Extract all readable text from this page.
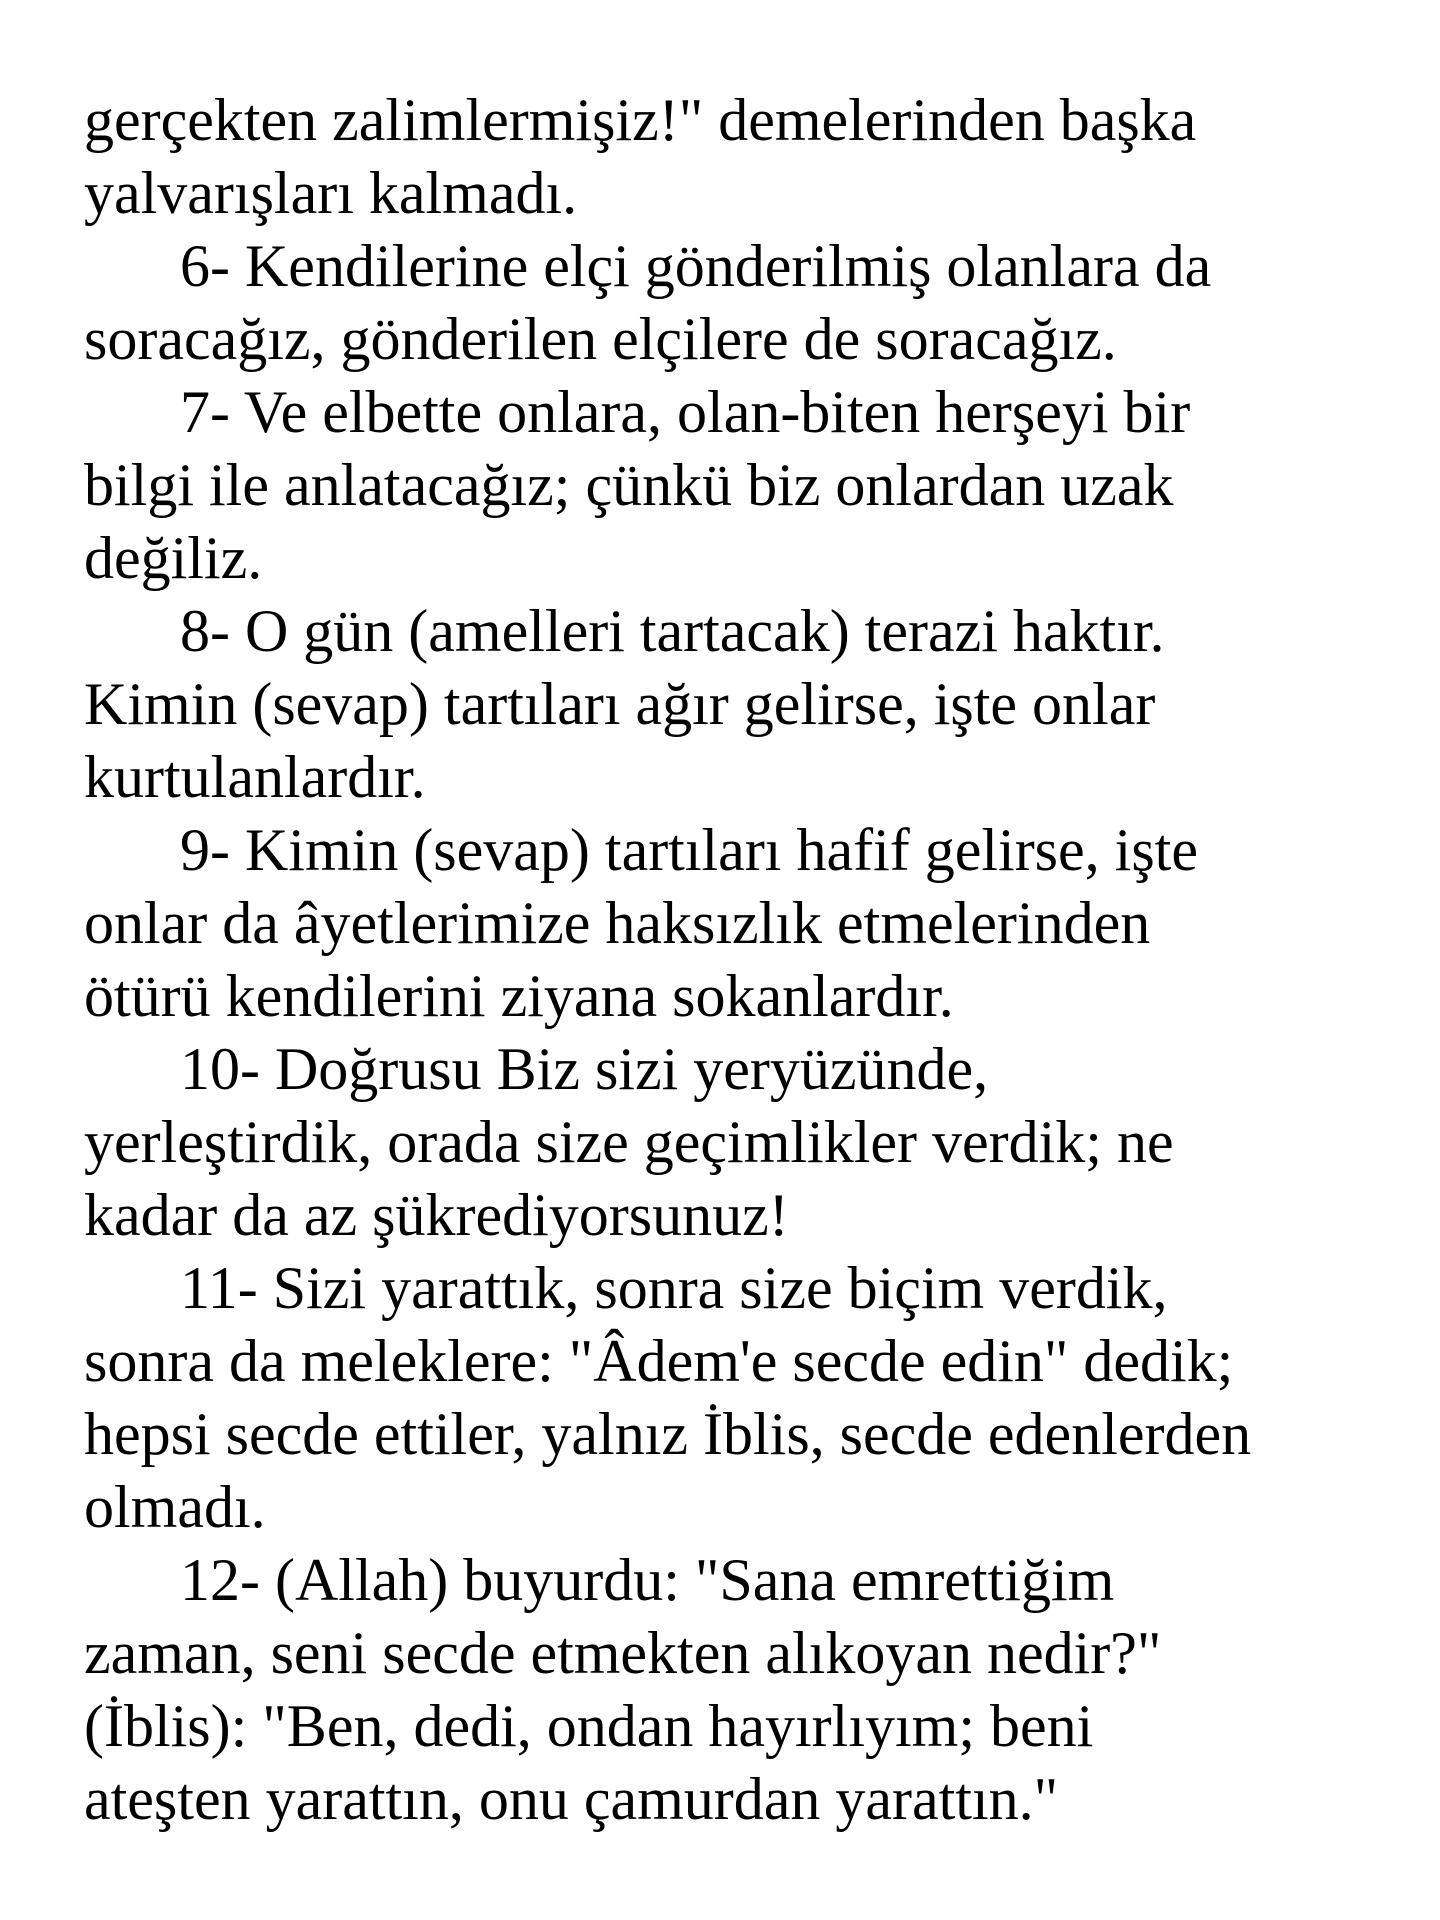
gerçekten zalimlermişiz!" demelerinden başka
yalvarışları kalmadı.
6- Kendilerine elçi gönderilmiş olanlara da
soracağız, gönderilen elçilere de soracağız.
7- Ve elbette onlara, olan-biten herşeyi bir
bilgi ile anlatacağız; çünkü biz onlardan uzak
değiliz.
8- O gün (amelleri tartacak) terazi haktır.
Kimin (sevap) tartıları ağır gelirse, işte onlar
kurtulanlardır.
9- Kimin (sevap) tartıları hafif gelirse, işte
onlar da âyetlerimize haksızlık etmelerinden
ötürü kendilerini ziyana sokanlardır.
10- Doğrusu Biz sizi yeryüzünde,
yerleştirdik, orada size geçimlikler verdik; ne
kadar da az şükrediyorsunuz!
11- Sizi yarattık, sonra size biçim verdik,
sonra da meleklere: "Âdem'e secde edin" dedik;
hepsi secde ettiler, yalnız İblis, secde edenlerden
olmadı.
12- (Allah) buyurdu: "Sana emrettiğim
zaman, seni secde etmekten alıkoyan nedir?"
(İblis): "Ben, dedi, ondan hayırlıyım; beni
ateşten yarattın, onu çamurdan yarattın."
